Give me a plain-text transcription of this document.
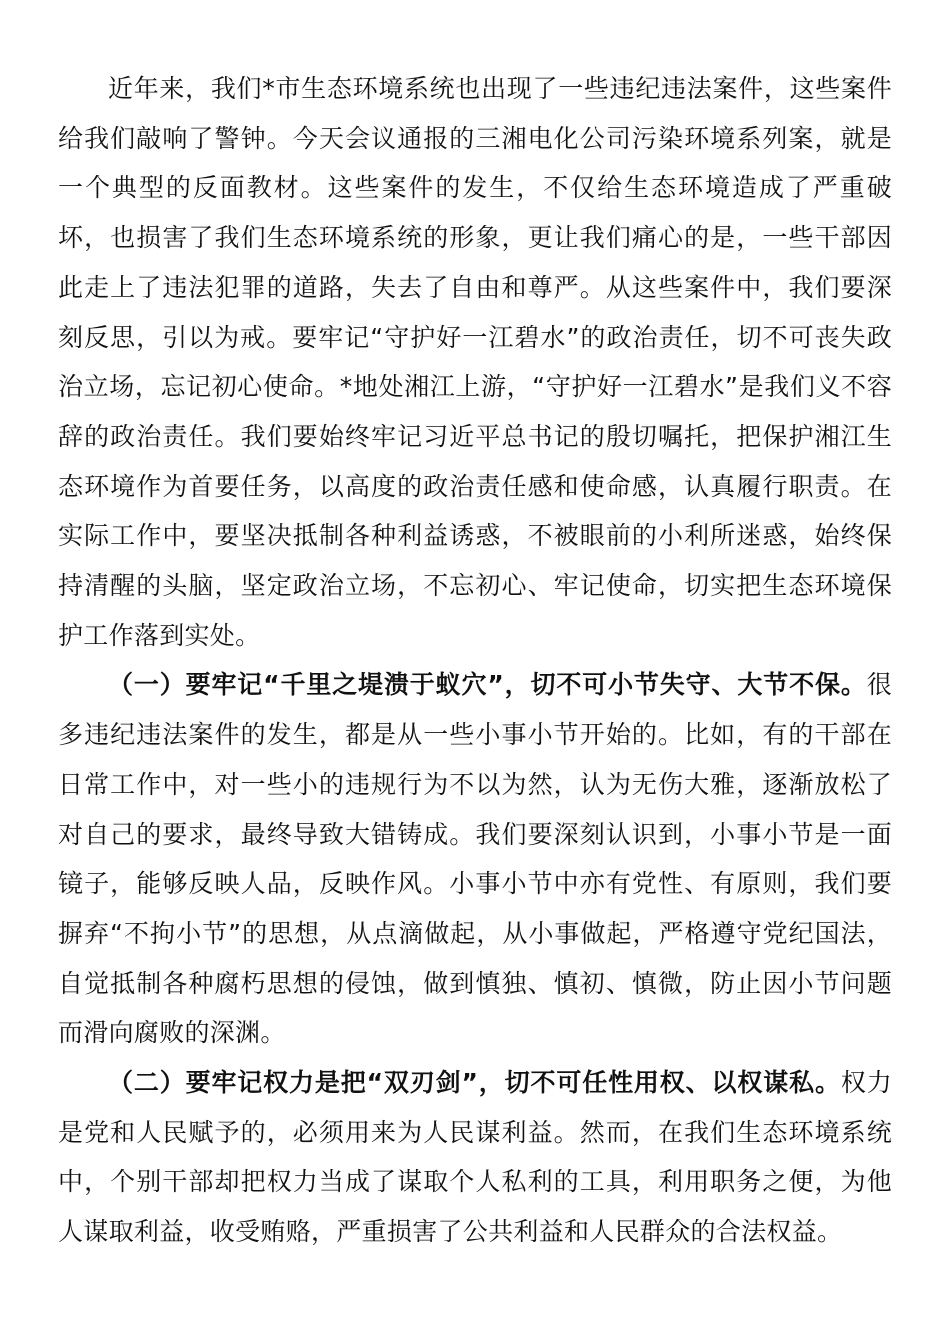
近年来，我们*市生态环境系统也出现了一些违纪违法案件，这些案件给我们敲响了警钟。今天会议通报的三湘电化公司污染环境系列案，就是一个典型的反面教材。这些案件的发生，不仅给生态环境造成了严重破坏，也损害了我们生态环境系统的形象，更让我们痛心的是，一些干部因此走上了违法犯罪的道路，失去了自由和尊严。从这些案件中，我们要深刻反思，引以为戒。要牢记“守护好一江碧水”的政治责任，切不可丧失政治立场，忘记初心使命。*地处湘江上游，“守护好一江碧水”是我们义不容辞的政治责任。我们要始终牢记习近平总书记的殷切嘱托，把保护湘江生态环境作为首要任务，以高度的政治责任感和使命感，认真履行职责。在实际工作中，要坚决抵制各种利益诱惑，不被眼前的小利所迷惑，始终保持清醒的头脑，坚定政治立场，不忘初心、牢记使命，切实把生态环境保护工作落到实处。

（一）要牢记“千里之堤溃于蚁穴”，切不可小节失守、大节不保。很多违纪违法案件的发生，都是从一些小事小节开始的。比如，有的干部在日常工作中，对一些小的违规行为不以为然，认为无伤大雅，逐渐放松了对自己的要求，最终导致大错铸成。我们要深刻认识到，小事小节是一面镜子，能够反映人品，反映作风。小事小节中亦有党性、有原则，我们要摒弃“不拘小节”的思想，从点滴做起，从小事做起，严格遵守党纪国法，自觉抵制各种腐朽思想的侵蚀，做到慎独、慎初、慎微，防止因小节问题而滑向腐败的深渊。

（二）要牢记权力是把“双刃剑”，切不可任性用权、以权谋私。权力是党和人民赋予的，必须用来为人民谋利益。然而，在我们生态环境系统中，个别干部却把权力当成了谋取个人私利的工具，利用职务之便，为他人谋取利益，收受贿赂，严重损害了公共利益和人民群众的合法权益。
